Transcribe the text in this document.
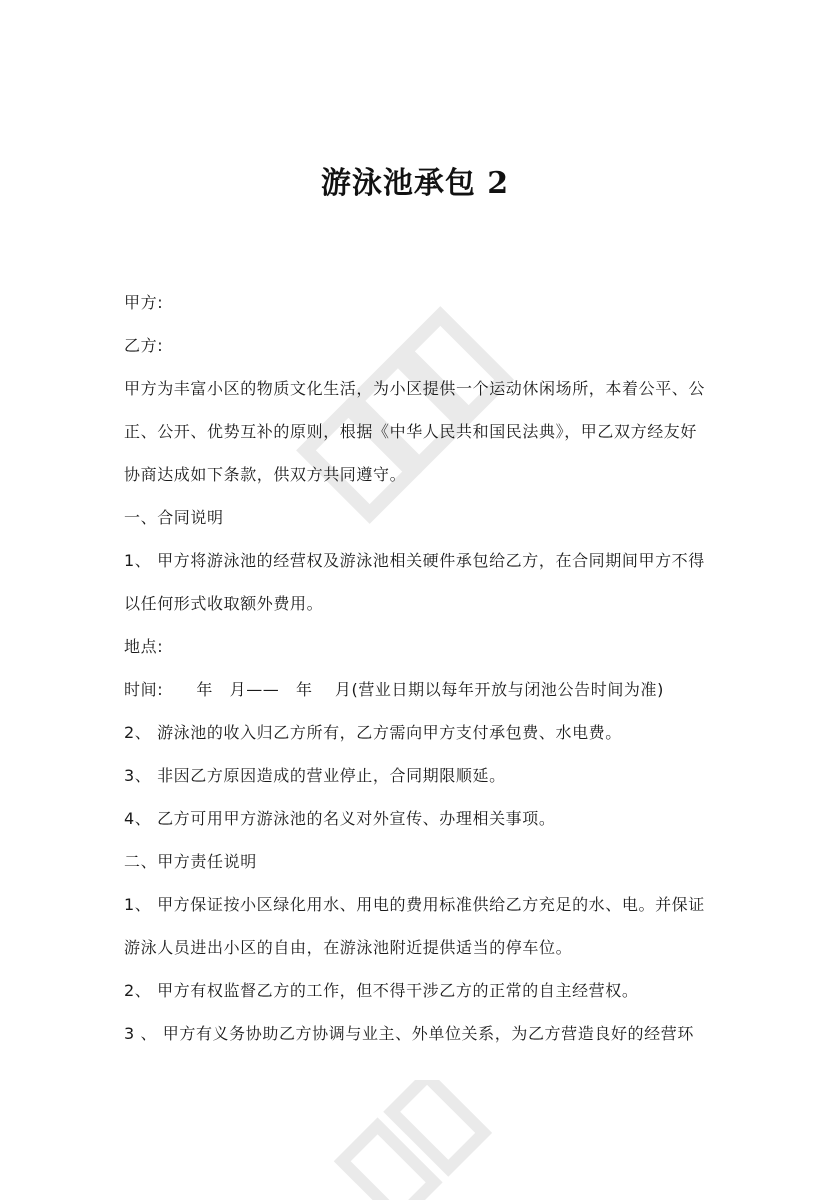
游泳池承包 2
甲方:
乙方:
甲方为丰富小区的物质文化生活，为小区提供一个运动休闲场所，本着公平、公
正、公开、优势互补的原则，根据《中华人民共和国民法典》，甲乙双方经友好
协商达成如下条款，供双方共同遵守。
一、合同说明
1、 甲方将游泳池的经营权及游泳池相关硬件承包给乙方，在合同期间甲方不得
以任何形式收取额外费用。
地点:
时间:　　年　月——　年　 月(营业日期以每年开放与闭池公告时间为准)
2、 游泳池的收入归乙方所有，乙方需向甲方支付承包费、水电费。
3、 非因乙方原因造成的营业停止，合同期限顺延。
4、 乙方可用甲方游泳池的名义对外宣传、办理相关事项。
二、甲方责任说明
1、 甲方保证按小区绿化用水、用电的费用标准供给乙方充足的水、电。并保证
游泳人员进出小区的自由，在游泳池附近提供适当的停车位。
2、 甲方有权监督乙方的工作，但不得干涉乙方的正常的自主经营权。
3 、 甲方有义务协助乙方协调与业主、外单位关系，为乙方营造良好的经营环
